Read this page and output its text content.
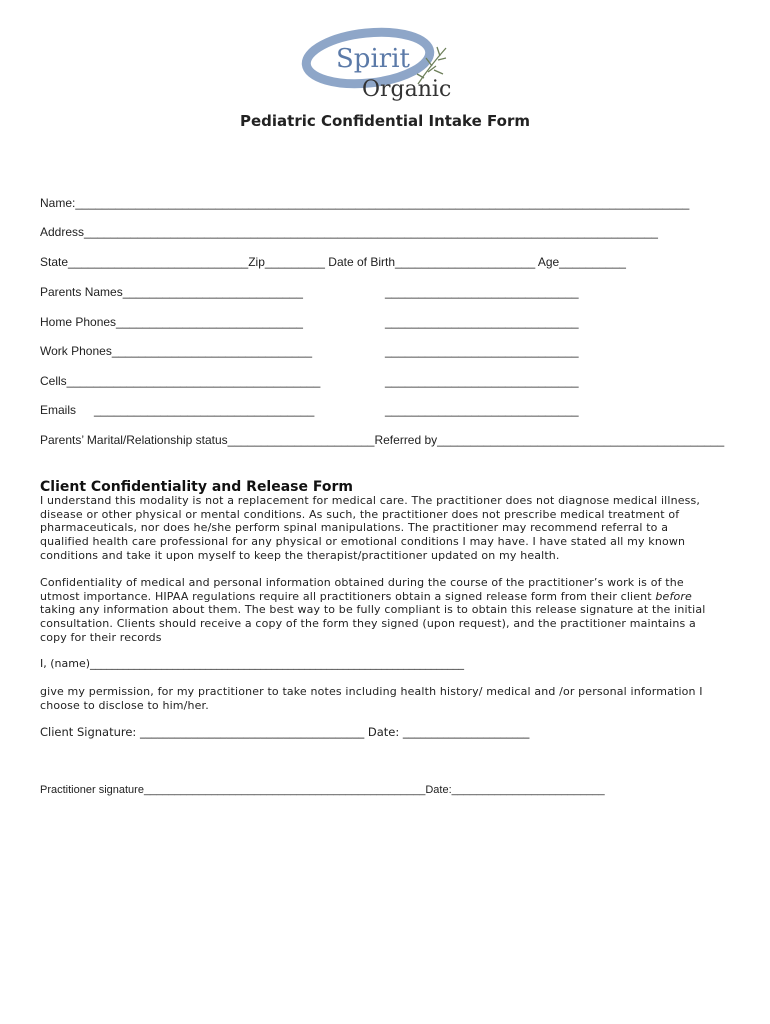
Spirit
Organic
Pediatric Confidential Intake Form
Name:____________________________________________________________________________________________
Address______________________________________________________________________________________
State___________________________Zip_________ Date of Birth_____________________ Age__________
Parents Names___________________________	_____________________________
Home Phones____________________________	_____________________________
Work Phones______________________________	_____________________________
Cells______________________________________	_____________________________
Emails _________________________________	_____________________________
Parents’ Marital/Relationship status______________________Referred by___________________________________________
Client Confidentiality and Release Form

I understand this modality is not a replacement for medical care. The practitioner does not diagnose medical illness, disease or other physical or mental conditions. As such, the practitioner does not prescribe medical treatment of pharmaceuticals, nor does he/she perform spinal manipulations. The practitioner may recommend referral to a qualified health care professional for any physical or emotional conditions I may have. I have stated all my known conditions and take it upon myself to keep the therapist/practitioner updated on my health.

Confidentiality of medical and personal information obtained during the course of the practitioner’s work is of the utmost importance. HIPAA regulations require all practitioners obtain a signed release form from their client before taking any information about them. The best way to be fully compliant is to obtain this release signature at the initial consultation. Clients should receive a copy of the form they signed (upon request), and the practitioner maintains a copy for their records

I, (name)____________________________________________________________________

give my permission, for my practitioner to take notes including health history/ medical and /or personal information I choose to disclose to him/her.

Client Signature: _______________________________________ Date: ______________________
Practitioner signature______________________________________________Date:_________________________
